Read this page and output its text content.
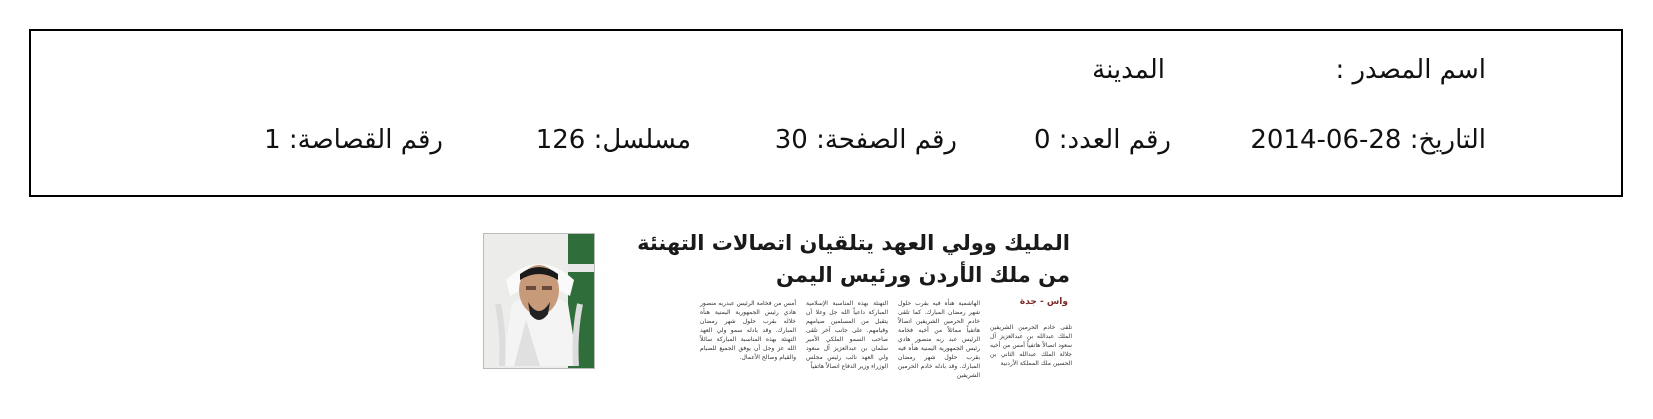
اسم المصدر :
المدينة
التاريخ: 28-06-2014
رقم العدد: 0
رقم الصفحة: 30
مسلسل: 126
رقم القصاصة: 1
المليك وولي العهد يتلقيان اتصالات التهنئة
من ملك الأردن ورئيس اليمن
واس - جدة
تلقى خادم الحرمين الشريفين الملك عبدالله بن عبدالعزيز آل سعود اتصالاً هاتفياً أمس من أخيه جلالة الملك عبدالله الثاني بن الحسين ملك المملكة الأردنية
الهاشمية هنأه فيه بقرب حلول شهر رمضان المبارك. كما تلقى خادم الحرمين الشريفين اتصالاً هاتفياً مماثلاً من أخيه فخامة الرئيس عبد ربه منصور هادي رئيس الجمهورية اليمنية هنأه فيه بقرب حلول شهر رمضان المبارك. وقد بادله خادم الحرمين الشريفين
التهنئة بهذه المناسبة الإسلامية المباركة داعياً الله جل وعلا أن يتقبل من المسلمين صيامهم وقيامهم. على جانب آخر تلقى صاحب السمو الملكي الأمير سلمان بن عبدالعزيز آل سعود ولي العهد نائب رئيس مجلس الوزراء وزير الدفاع اتصالاً هاتفياً
أمس من فخامة الرئيس عبدربه منصور هادي رئيس الجمهورية اليمنية هنأه خلاله بقرب حلول شهر رمضان المبارك. وقد بادله سمو ولي العهد التهنئة بهذه المناسبة المباركة سائلاً الله عز وجل أن يوفق الجميع للصيام والقيام وصالح الأعمال.
